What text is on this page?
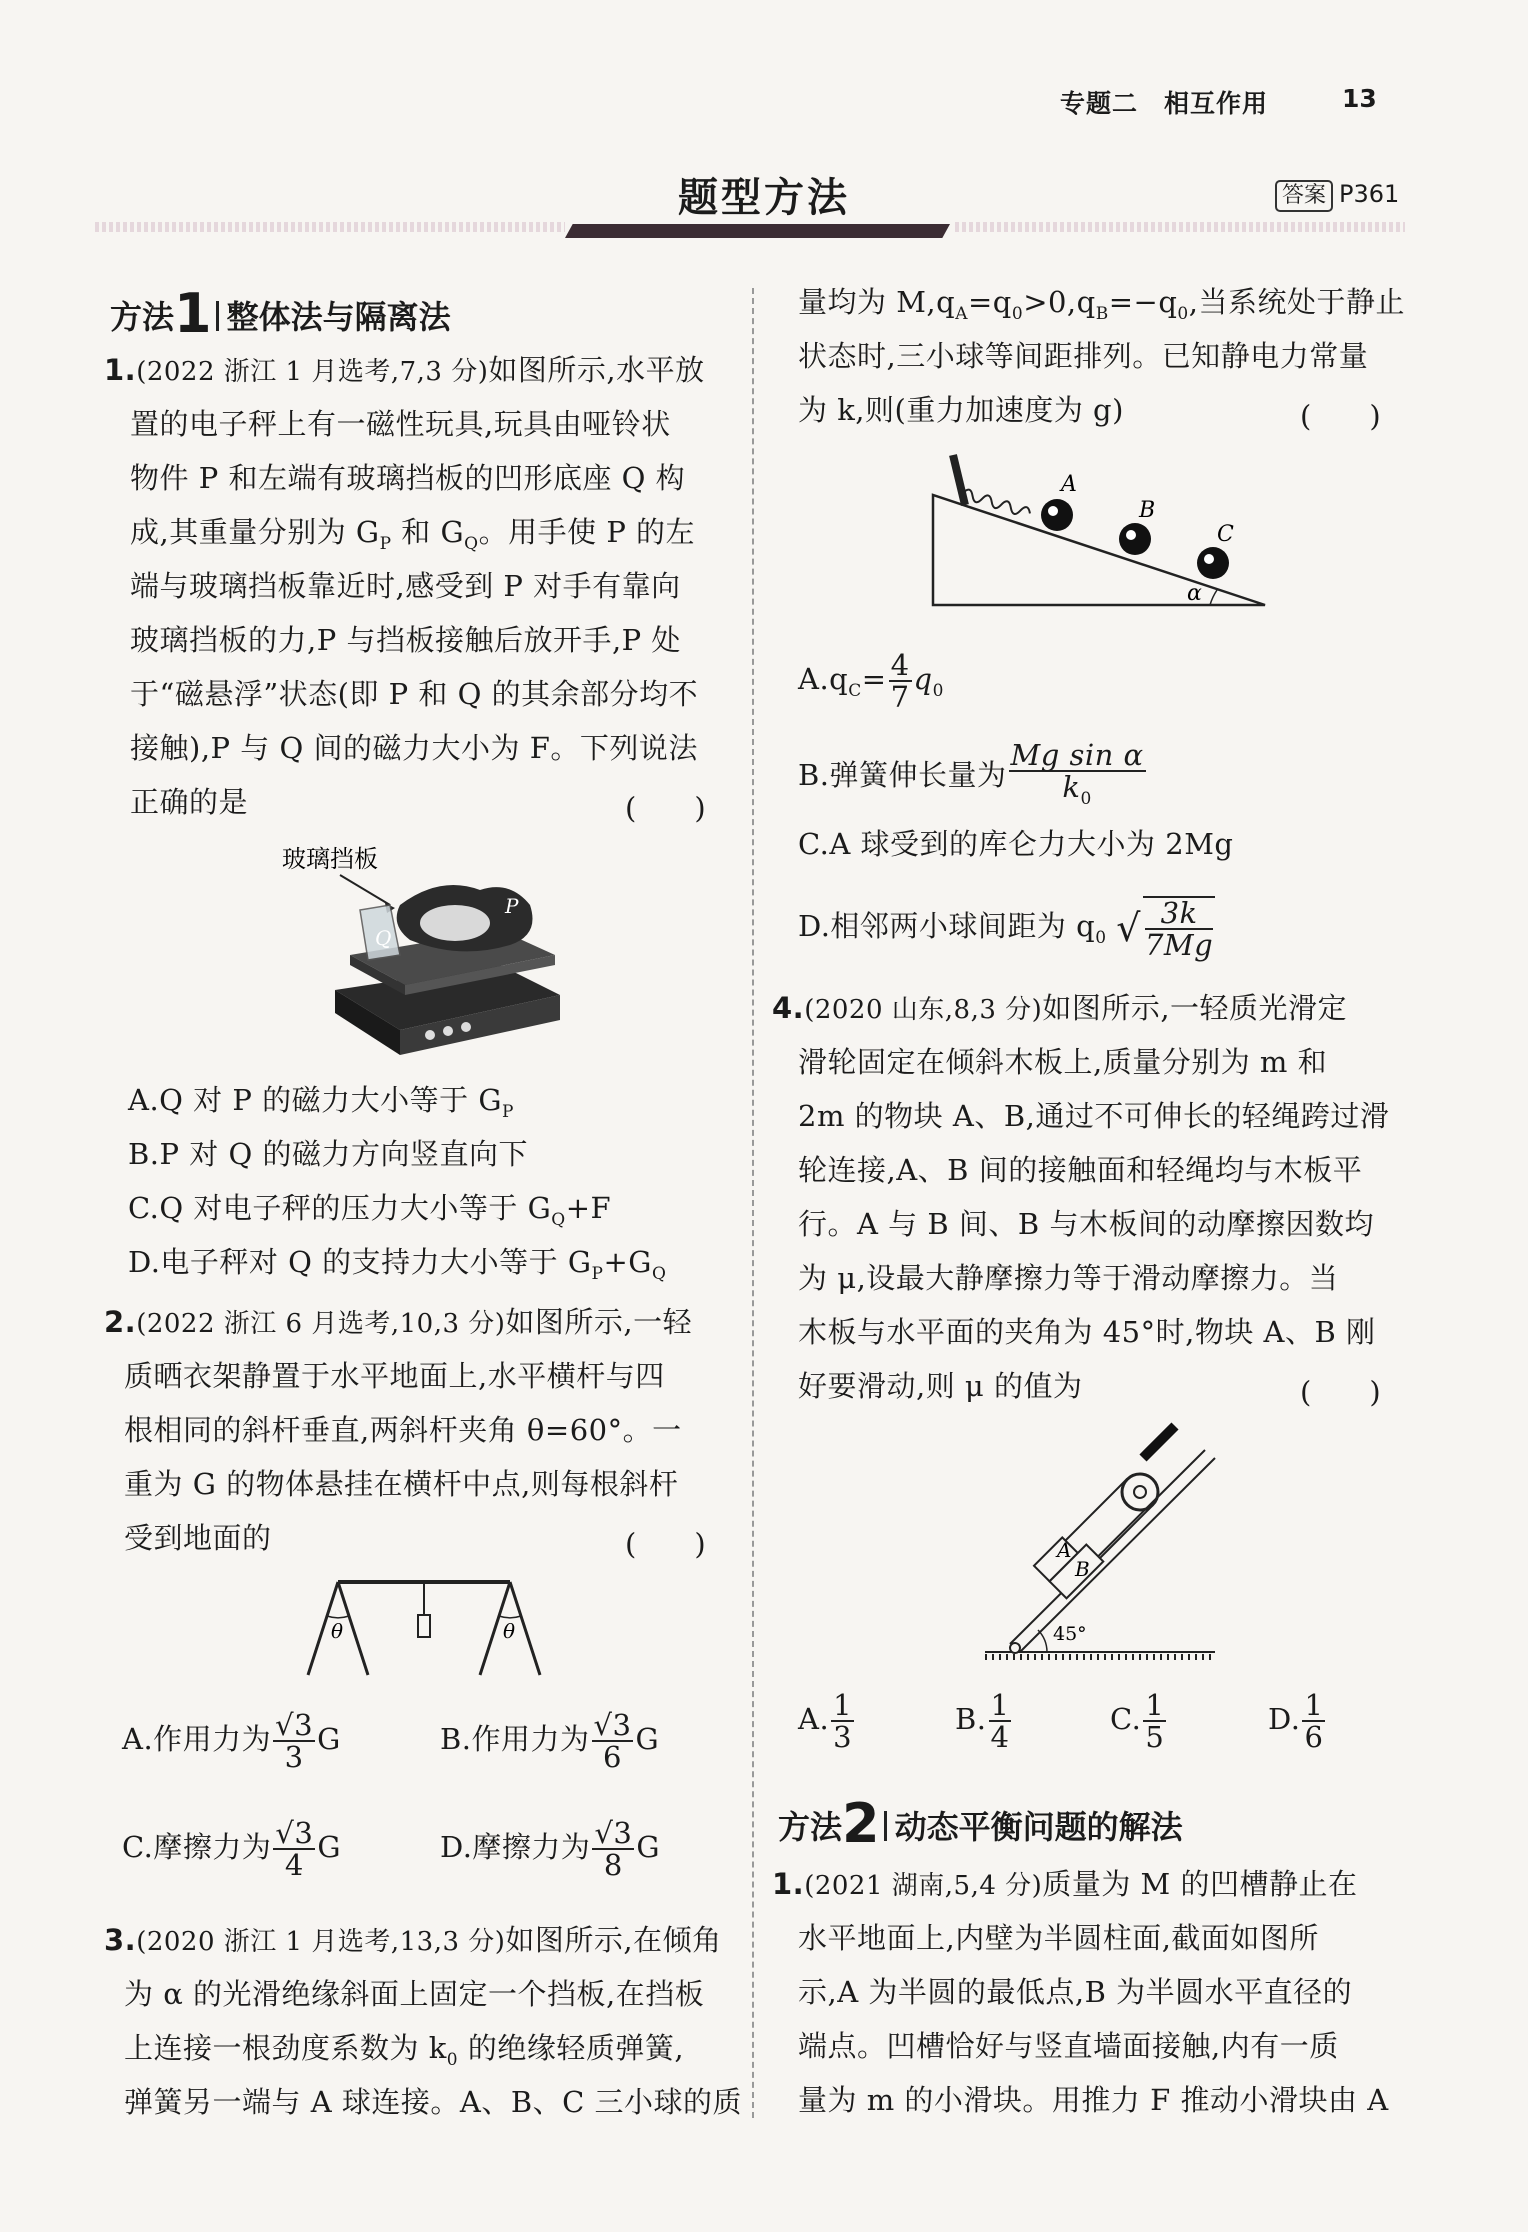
专题二　相互作用	13
题型方法	答案 P361
方法1 整体法与隔离法
1.(2022 浙江 1 月选考,7,3 分)如图所示,水平放
置的电子秤上有一磁性玩具,玩具由哑铃状
物件 P 和左端有玻璃挡板的凹形底座 Q 构
成,其重量分别为 $G_P$ 和 $G_Q$。用手使 P 的左
端与玻璃挡板靠近时,感受到 P 对手有靠向
玻璃挡板的力,P 与挡板接触后放开手,P 处
于“磁悬浮”状态(即 P 和 Q 的其余部分均不
接触),P 与 Q 间的磁力大小为 F。下列说法
正确的是	(　　)
玻璃挡板
P
Q
A.Q 对 P 的磁力大小等于 $G_P$
B.P 对 Q 的磁力方向竖直向下
C.Q 对电子秤的压力大小等于 $G_Q+F$
D.电子秤对 Q 的支持力大小等于 $G_P+G_Q$
2.(2022 浙江 6 月选考,10,3 分)如图所示,一轻
质晒衣架静置于水平地面上,水平横杆与四
根相同的斜杆垂直,两斜杆夹角 θ=60°。一
重为 G 的物体悬挂在横杆中点,则每根斜杆
受到地面的	(　　)
θ	θ
A.作用力为 $\frac{√3}{3}$ G	B.作用力为 $\frac{√3}{6}$ G
C.摩擦力为 $\frac{√3}{4}$ G	D.摩擦力为 $\frac{√3}{8}$ G
3.(2020 浙江 1 月选考,13,3 分)如图所示,在倾角
为 α 的光滑绝缘斜面上固定一个挡板,在挡板
上连接一根劲度系数为 $k_0$ 的绝缘轻质弹簧,
弹簧另一端与 A 球连接。A、B、C 三小球的质
量均为 $M,q_A=q_0>0,q_B=-q_0$,当系统处于静止
状态时,三小球等间距排列。已知静电力常量
为 k,则(重力加速度为 g)	(　　)
A
B
C
α
$A.q_C= \frac{4}{7} q_0$
B.弹簧伸长量为 $\frac{\text{Mg sin α}}{k_0}$
C.A 球受到的库仑力大小为 2Mg
D.相邻两小球间距为 $q_0$ √ $\frac{3k}{7Mg}$
4.(2020 山东,8,3 分)如图所示,一轻质光滑定
滑轮固定在倾斜木板上,质量分别为 m 和
2m 的物块 A、B,通过不可伸长的轻绳跨过滑
轮连接,A、B 间的接触面和轻绳均与木板平
行。A 与 B 间、B 与木板间的动摩擦因数均
为 μ,设最大静摩擦力等于滑动摩擦力。当
木板与水平面的夹角为 45°时,物块 A、B 刚
好要滑动,则 μ 的值为	(　　)
A
B
45°
A. $\frac{1}{3}$	B. $\frac{1}{4}$	C. $\frac{1}{5}$	D. $\frac{1}{6}$
方法2 动态平衡问题的解法
1.(2021 湖南,5,4 分)质量为 M 的凹槽静止在
水平地面上,内壁为半圆柱面,截面如图所
示,A 为半圆的最低点,B 为半圆水平直径的
端点。凹槽恰好与竖直墙面接触,内有一质
量为 m 的小滑块。用推力 F 推动小滑块由 A
